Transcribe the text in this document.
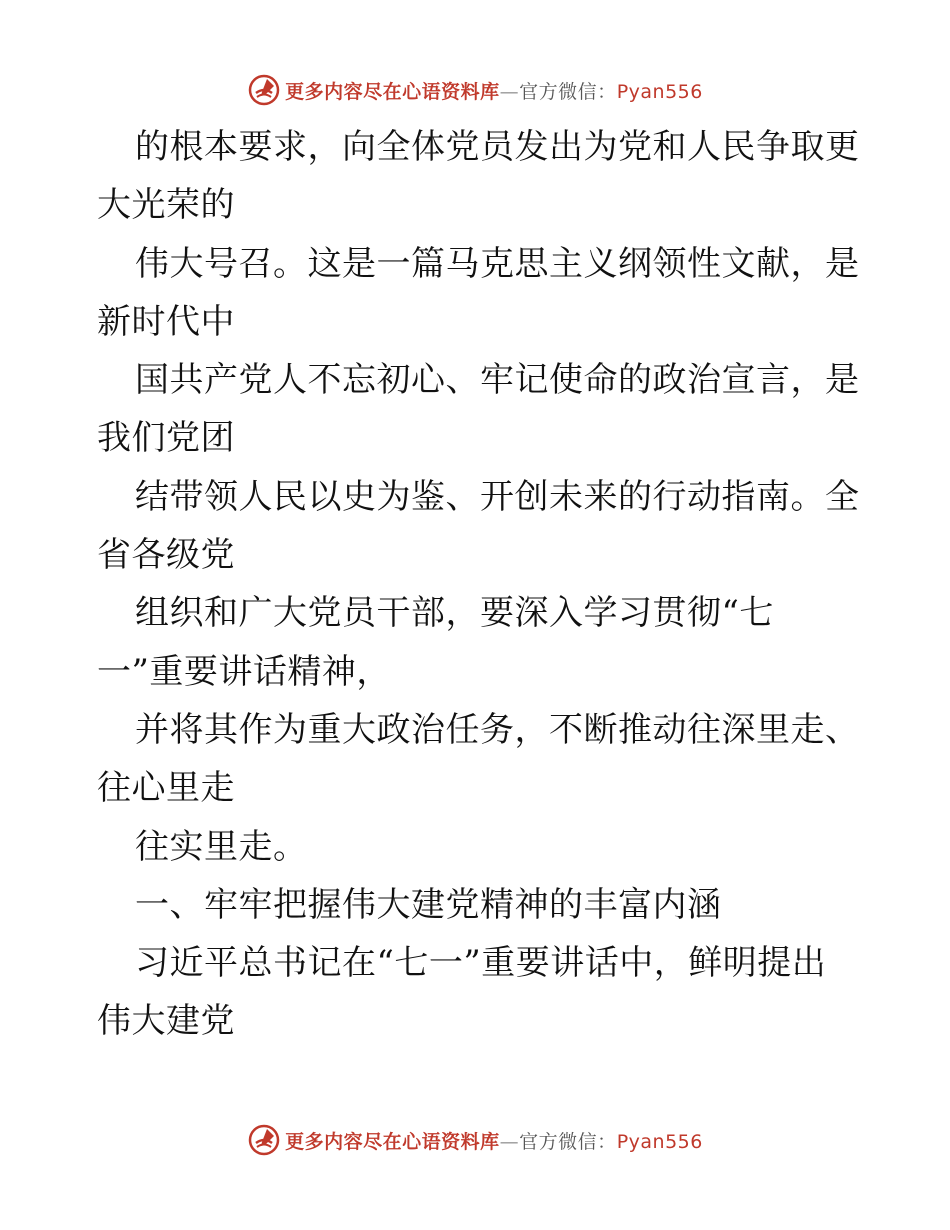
更多内容尽在心语资料库—官方微信：Pyan556
的根本要求，向全体党员发出为党和人民争取更
大光荣的
伟大号召。这是一篇马克思主义纲领性文献，是
新时代中
国共产党人不忘初心、牢记使命的政治宣言，是
我们党团
结带领人民以史为鉴、开创未来的行动指南。全
省各级党
组织和广大党员干部，要深入学习贯彻“七
一”重要讲话精神，
并将其作为重大政治任务，不断推动往深里走、
往心里走
往实里走。
一、牢牢把握伟大建党精神的丰富内涵
习近平总书记在“七一”重要讲话中，鲜明提出
伟大建党
更多内容尽在心语资料库—官方微信：Pyan556
